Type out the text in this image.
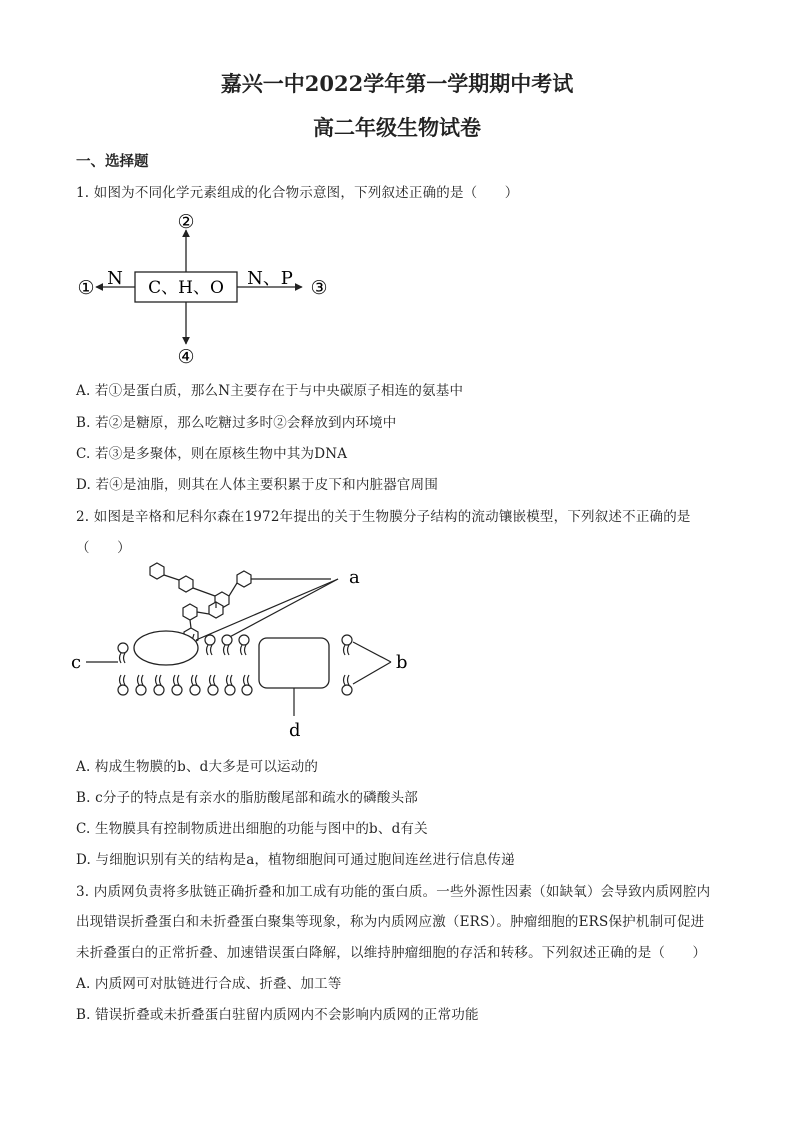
嘉兴一中2022学年第一学期期中考试
高二年级生物试卷
一、选择题
1. 如图为不同化学元素组成的化合物示意图，下列叙述正确的是（　　）
C、H、O
N	N、P
②
④
①	③
A. 若①是蛋白质，那么N主要存在于与中央碳原子相连的氨基中
B. 若②是糖原，那么吃糖过多时②会释放到内环境中
C. 若③是多聚体，则在原核生物中其为DNA
D. 若④是油脂，则其在人体主要积累于皮下和内脏器官周围
2. 如图是辛格和尼科尔森在1972年提出的关于生物膜分子结构的流动镶嵌模型，下列叙述不正确的是
（　　）
a
b
c
d
A. 构成生物膜的b、d大多是可以运动的
B. c分子的特点是有亲水的脂肪酸尾部和疏水的磷酸头部
C. 生物膜具有控制物质进出细胞的功能与图中的b、d有关
D. 与细胞识别有关的结构是a，植物细胞间可通过胞间连丝进行信息传递
3. 内质网负责将多肽链正确折叠和加工成有功能的蛋白质。一些外源性因素（如缺氧）会导致内质网腔内
出现错误折叠蛋白和未折叠蛋白聚集等现象，称为内质网应激（ERS）。肿瘤细胞的ERS保护机制可促进
未折叠蛋白的正常折叠、加速错误蛋白降解，以维持肿瘤细胞的存活和转移。下列叙述正确的是（　　）
A. 内质网可对肽链进行合成、折叠、加工等
B. 错误折叠或未折叠蛋白驻留内质网内不会影响内质网的正常功能
